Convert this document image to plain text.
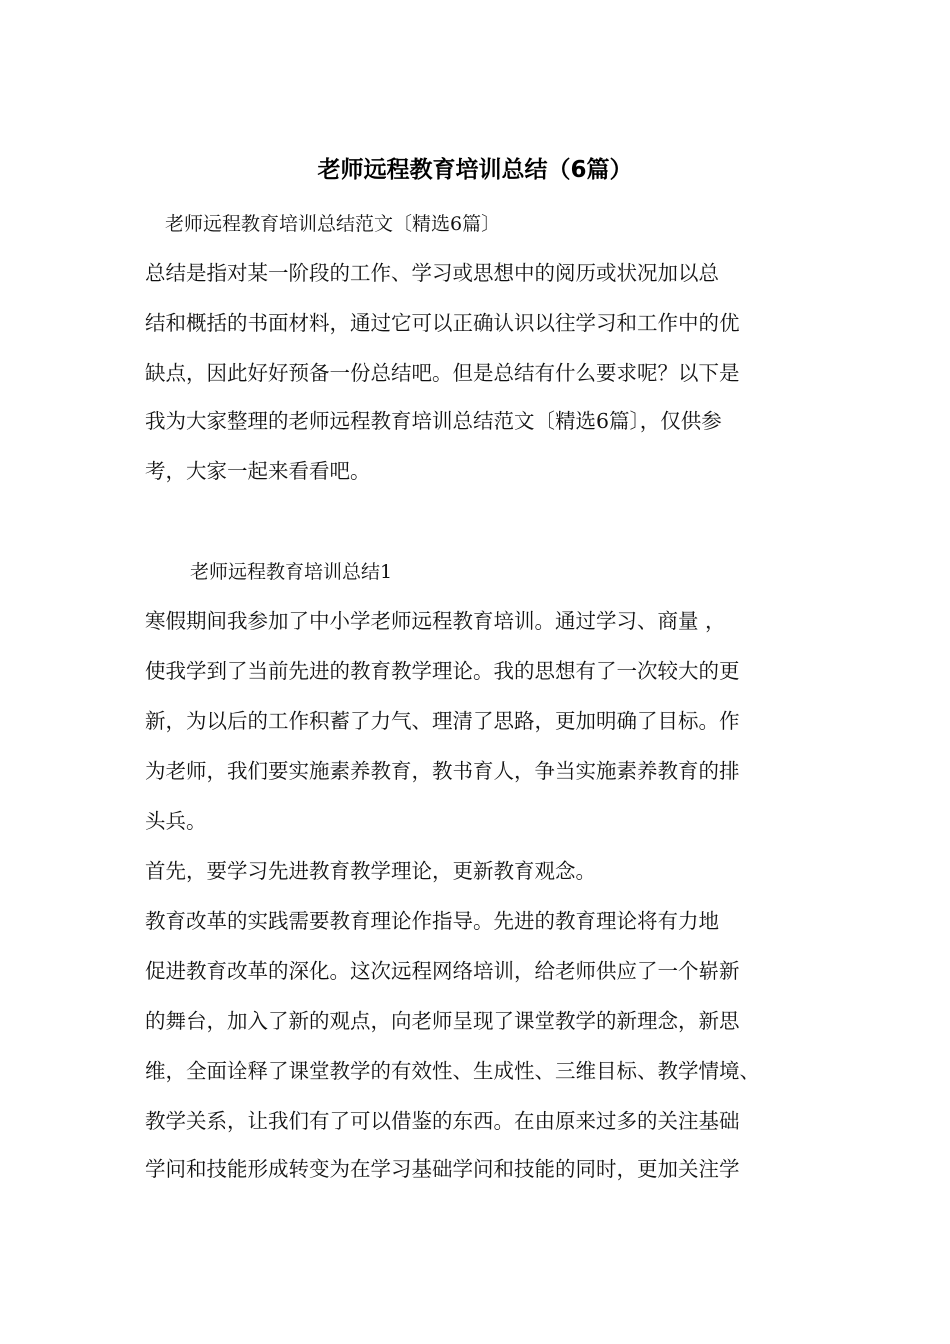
老师远程教育培训总结（6篇）
老师远程教育培训总结范文〔精选6篇〕
总结是指对某一阶段的工作、学习或思想中的阅历或状况加以总
结和概括的书面材料，通过它可以正确认识以往学习和工作中的优
缺点，因此好好预备一份总结吧。但是总结有什么要求呢？以下是
我为大家整理的老师远程教育培训总结范文〔精选6篇〕，仅供参
考，大家一起来看看吧。
老师远程教育培训总结1
寒假期间我参加了中小学老师远程教育培训。通过学习、商量 ，
使我学到了当前先进的教育教学理论。我的思想有了一次较大的更
新，为以后的工作积蓄了力气、理清了思路，更加明确了目标。作
为老师，我们要实施素养教育，教书育人，争当实施素养教育的排
头兵。
首先，要学习先进教育教学理论，更新教育观念。
教育改革的实践需要教育理论作指导。先进的教育理论将有力地
促进教育改革的深化。这次远程网络培训，给老师供应了一个崭新
的舞台，加入了新的观点，向老师呈现了课堂教学的新理念，新思
维，全面诠释了课堂教学的有效性、生成性、三维目标、教学情境、
教学关系，让我们有了可以借鉴的东西。在由原来过多的关注基础
学问和技能形成转变为在学习基础学问和技能的同时，更加关注学
